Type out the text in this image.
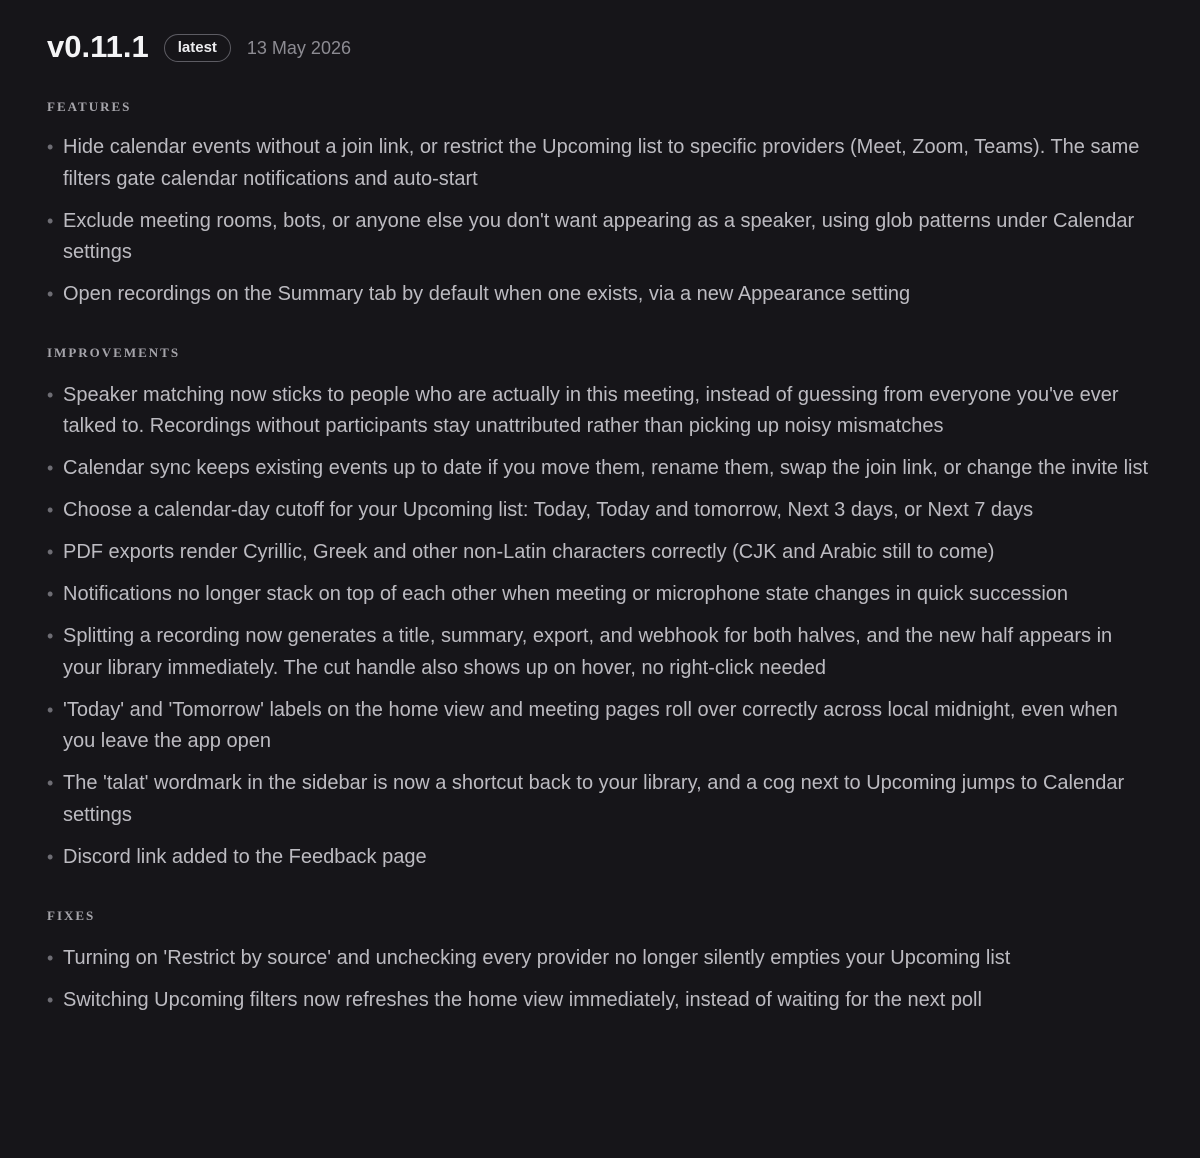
v0.11.1	latest	13 May 2026
FEATURES
• Hide calendar events without a join link, or restrict the Upcoming list to specific providers (Meet, Zoom, Teams). The same filters gate calendar notifications and auto-start
• Exclude meeting rooms, bots, or anyone else you don't want appearing as a speaker, using glob patterns under Calendar settings
• Open recordings on the Summary tab by default when one exists, via a new Appearance setting
IMPROVEMENTS
• Speaker matching now sticks to people who are actually in this meeting, instead of guessing from everyone you've ever talked to. Recordings without participants stay unattributed rather than picking up noisy mismatches
• Calendar sync keeps existing events up to date if you move them, rename them, swap the join link, or change the invite list
• Choose a calendar-day cutoff for your Upcoming list: Today, Today and tomorrow, Next 3 days, or Next 7 days
• PDF exports render Cyrillic, Greek and other non-Latin characters correctly (CJK and Arabic still to come)
• Notifications no longer stack on top of each other when meeting or microphone state changes in quick succession
• Splitting a recording now generates a title, summary, export, and webhook for both halves, and the new half appears in your library immediately. The cut handle also shows up on hover, no right-click needed
• 'Today' and 'Tomorrow' labels on the home view and meeting pages roll over correctly across local midnight, even when you leave the app open
• The 'talat' wordmark in the sidebar is now a shortcut back to your library, and a cog next to Upcoming jumps to Calendar settings
• Discord link added to the Feedback page
FIXES
• Turning on 'Restrict by source' and unchecking every provider no longer silently empties your Upcoming list
• Switching Upcoming filters now refreshes the home view immediately, instead of waiting for the next poll
